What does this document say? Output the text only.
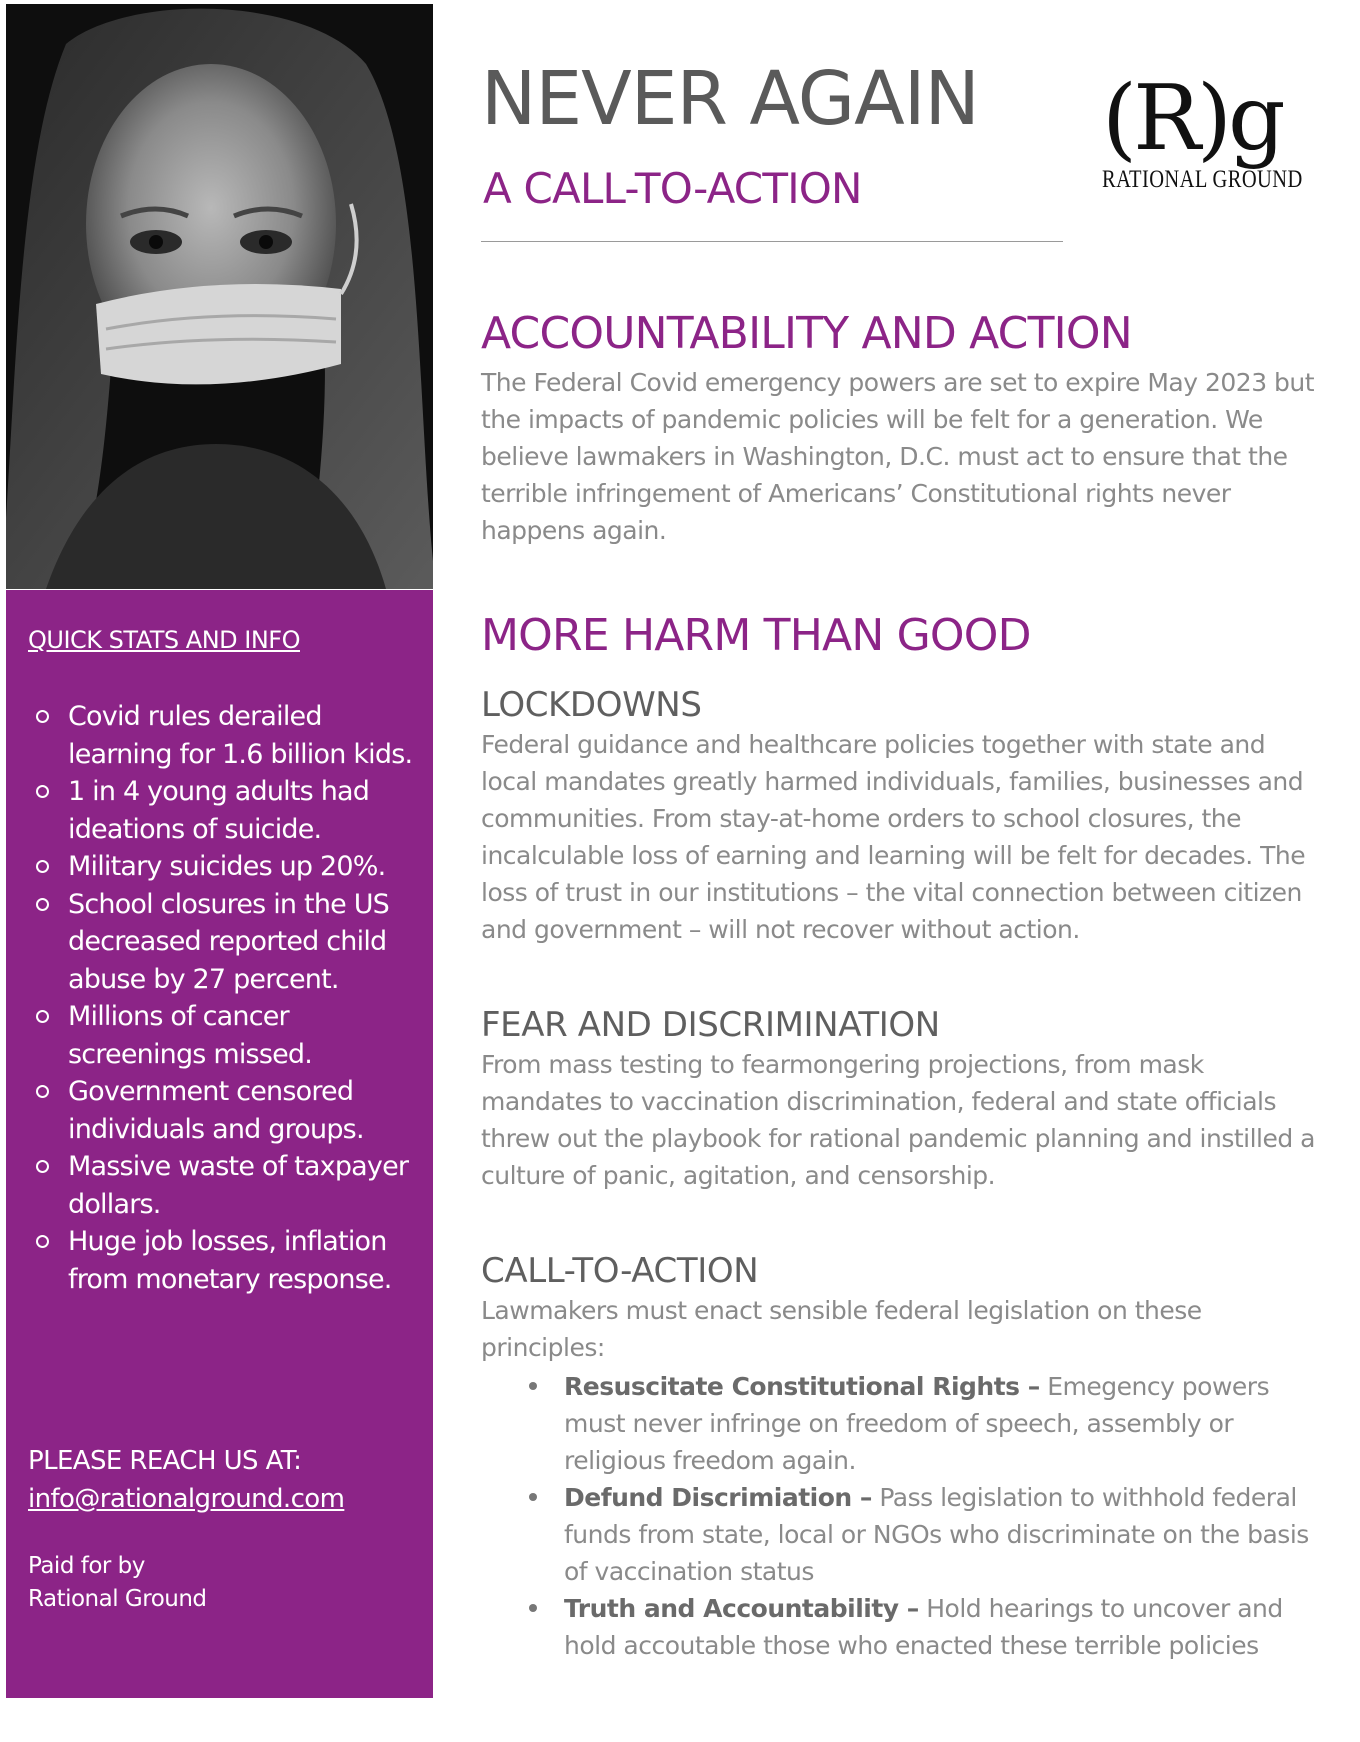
QUICK STATS AND INFO
Covid rules derailed learning for 1.6 billion kids.
1 in 4 young adults had ideations of suicide.
Military suicides up 20%.
School closures in the US decreased reported child abuse by 27 percent.
Millions of cancer screenings missed.
Government censored individuals and groups.
Massive waste of taxpayer dollars.
Huge job losses, inflation from monetary response.
PLEASE REACH US AT:
info@rationalground.com
Paid for by
Rational Ground
(R)g
RATIONAL GROUND
NEVER AGAIN
A CALL-TO-ACTION
ACCOUNTABILITY AND ACTION

The Federal Covid emergency powers are set to expire May 2023 but the impacts of pandemic policies will be felt for a generation. We believe lawmakers in Washington, D.C. must act to ensure that the terrible infringement of Americans’ Constitutional rights never happens again.

MORE HARM THAN GOOD
LOCKDOWNS

Federal guidance and healthcare policies together with state and local mandates greatly harmed individuals, families, businesses and communities. From stay-at-home orders to school closures, the incalculable loss of earning and learning will be felt for decades. The loss of trust in our institutions – the vital connection between citizen and government – will not recover without action.

FEAR AND DISCRIMINATION

From mass testing to fearmongering projections, from mask mandates to vaccination discrimination, federal and state officials threw out the playbook for rational pandemic planning and instilled a culture of panic, agitation, and censorship.

CALL-TO-ACTION

Lawmakers must enact sensible federal legislation on these principles:

Resuscitate Constitutional Rights – Emegency powers must never infringe on freedom of speech, assembly or religious freedom again.
Defund Discrimiation – Pass legislation to withhold federal funds from state, local or NGOs who discriminate on the basis of vaccination status
Truth and Accountability – Hold hearings to uncover and hold accoutable those who enacted these terrible policies
